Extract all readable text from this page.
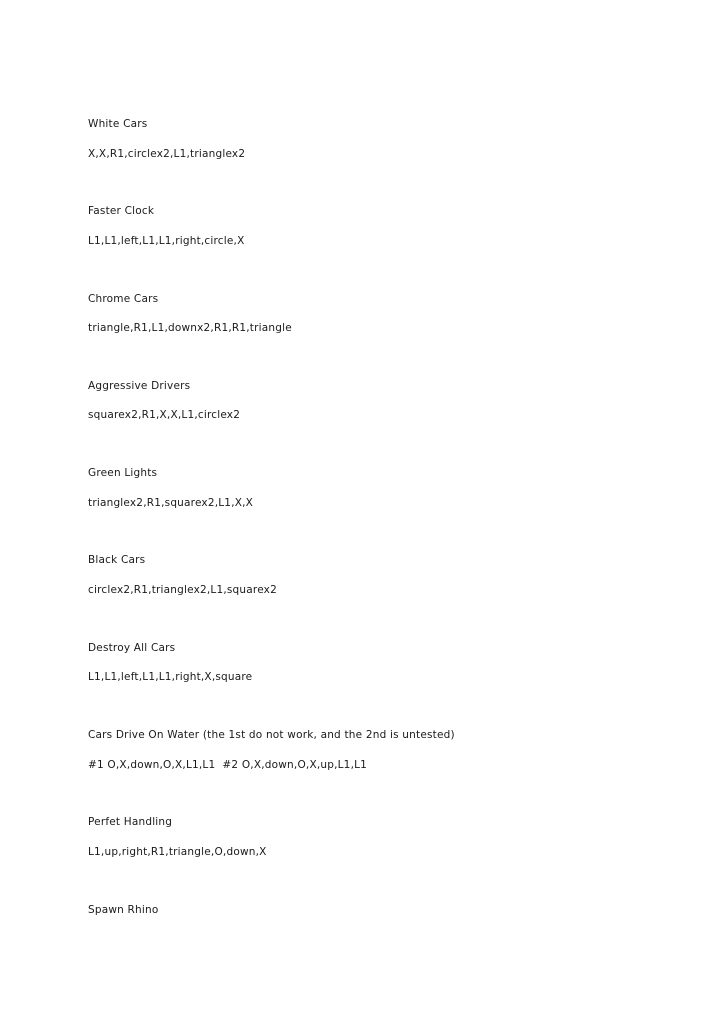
White Cars
X,X,R1,circlex2,L1,trianglex2
Faster Clock
L1,L1,left,L1,L1,right,circle,X
Chrome Cars
triangle,R1,L1,downx2,R1,R1,triangle
Aggressive Drivers
squarex2,R1,X,X,L1,circlex2
Green Lights
trianglex2,R1,squarex2,L1,X,X
Black Cars
circlex2,R1,trianglex2,L1,squarex2
Destroy All Cars
L1,L1,left,L1,L1,right,X,square
Cars Drive On Water (the 1st do not work, and the 2nd is untested)
#1 O,X,down,O,X,L1,L1  #2 O,X,down,O,X,up,L1,L1
Perfet Handling
L1,up,right,R1,triangle,O,down,X
Spawn Rhino
